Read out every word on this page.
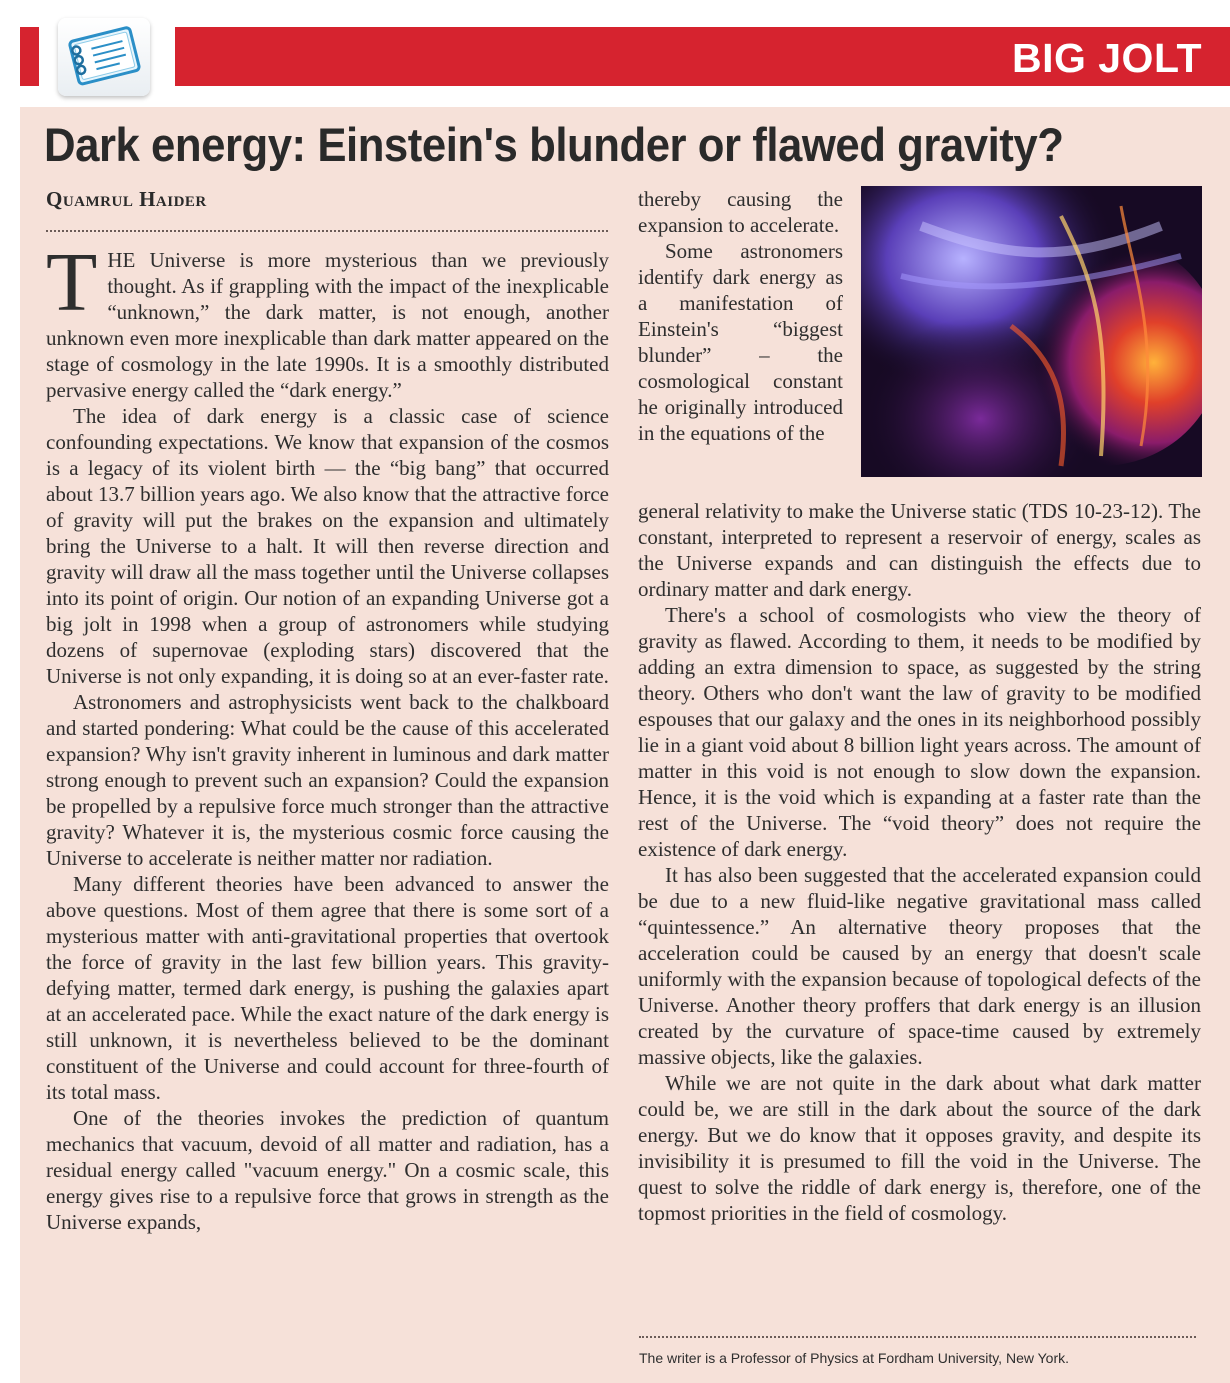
BIG JOLT
Dark energy: Einstein's blunder or flawed gravity?
Quamrul Haider

THE Universe is more mysterious than we previously thought. As if grappling with the impact of the inexplicable “unknown,” the dark matter, is not enough, another unknown even more inexplicable than dark matter appeared on the stage of cosmology in the late 1990s. It is a smoothly distributed pervasive energy called the “dark energy.”

The idea of dark energy is a classic case of science confounding expectations. We know that expansion of the cosmos is a legacy of its violent birth — the “big bang” that occurred about 13.7 billion years ago. We also know that the attractive force of gravity will put the brakes on the expansion and ultimately bring the Universe to a halt. It will then reverse direction and gravity will draw all the mass together until the Universe collapses into its point of origin. Our notion of an expanding Universe got a big jolt in 1998 when a group of astronomers while studying dozens of supernovae (exploding stars) discovered that the Universe is not only expanding, it is doing so at an ever-faster rate.

Astronomers and astrophysicists went back to the chalkboard and started pondering: What could be the cause of this accelerated expansion? Why isn't gravity inherent in luminous and dark matter strong enough to prevent such an expansion? Could the expansion be propelled by a repulsive force much stronger than the attractive gravity? Whatever it is, the mysterious cosmic force causing the Universe to accelerate is neither matter nor radiation.

Many different theories have been advanced to answer the above questions. Most of them agree that there is some sort of a mysterious matter with anti-gravitational properties that overtook the force of gravity in the last few billion years. This gravity-defying matter, termed dark energy, is pushing the galaxies apart at an accelerated pace. While the exact nature of the dark energy is still unknown, it is nevertheless believed to be the dominant constituent of the Universe and could account for three-fourth of its total mass.

One of the theories invokes the prediction of quantum mechanics that vacuum, devoid of all matter and radiation, has a residual energy called "vacuum energy." On a cosmic scale, this energy gives rise to a repulsive force that grows in strength as the Universe expands,

thereby causing the expansion to accelerate.

Some astronomers identify dark energy as a manifestation of Einstein's “biggest blunder” – the cosmological constant he originally introduced in the equations of the

general relativity to make the Universe static (TDS 10-23-12). The constant, interpreted to represent a reservoir of energy, scales as the Universe expands and can distinguish the effects due to ordinary matter and dark energy.

There's a school of cosmologists who view the theory of gravity as flawed. According to them, it needs to be modified by adding an extra dimension to space, as suggested by the string theory. Others who don't want the law of gravity to be modified espouses that our galaxy and the ones in its neighborhood possibly lie in a giant void about 8 billion light years across. The amount of matter in this void is not enough to slow down the expansion. Hence, it is the void which is expanding at a faster rate than the rest of the Universe. The “void theory” does not require the existence of dark energy.

It has also been suggested that the accelerated expansion could be due to a new fluid-like negative gravitational mass called “quintessence.” An alternative theory proposes that the acceleration could be caused by an energy that doesn't scale uniformly with the expansion because of topological defects of the Universe. Another theory proffers that dark energy is an illusion created by the curvature of space-time caused by extremely massive objects, like the galaxies.

While we are not quite in the dark about what dark matter could be, we are still in the dark about the source of the dark energy. But we do know that it opposes gravity, and despite its invisibility it is presumed to fill the void in the Universe. The quest to solve the riddle of dark energy is, therefore, one of the topmost priorities in the field of cosmology.

The writer is a Professor of Physics at Fordham University, New York.
